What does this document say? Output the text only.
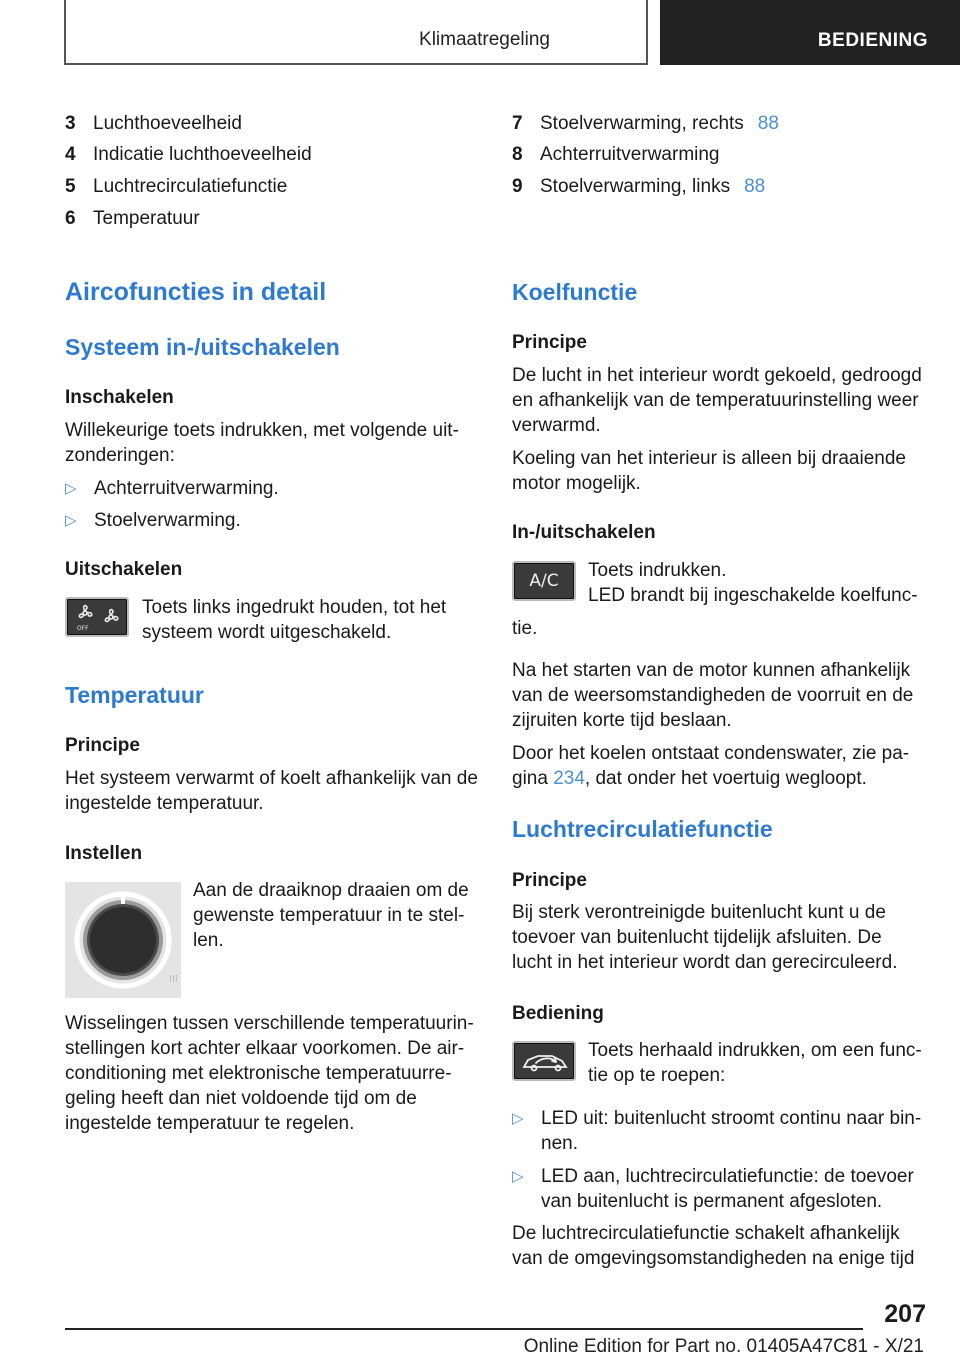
Klimaatregeling	BEDIENING
3 Luchthoeveelheid
4 Indicatie luchthoeveelheid
5 Luchtrecirculatiefunctie
6 Temperatuur
Aircofuncties in detail
Systeem in-/uitschakelen
Inschakelen
Willekeurige toets indrukken, met volgende uit-
zonderingen:
▷ Achterruitverwarming.
▷ Stoelverwarming.
Uitschakelen
OFF
Toets links ingedrukt houden, tot het
systeem wordt uitgeschakeld.
Temperatuur
Principe
Het systeem verwarmt of koelt afhankelijk van de
ingestelde temperatuur.
Instellen
III
Aan de draaiknop draaien om de
gewenste temperatuur in te stel-
len.
Wisselingen tussen verschillende temperatuurin-
stellingen kort achter elkaar voorkomen. De air-
conditioning met elektronische temperatuurre-
geling heeft dan niet voldoende tijd om de
ingestelde temperatuur te regelen.
7 Stoelverwarming, rechts 88
8 Achterruitverwarming
9 Stoelverwarming, links 88
Koelfunctie
Principe
De lucht in het interieur wordt gekoeld, gedroogd
en afhankelijk van de temperatuurinstelling weer
verwarmd.
Koeling van het interieur is alleen bij draaiende
motor mogelijk.
In-/uitschakelen
A/C Toets indrukken.
LED brandt bij ingeschakelde koelfunc-
tie.
Na het starten van de motor kunnen afhankelijk
van de weersomstandigheden de voorruit en de
zijruiten korte tijd beslaan.
Door het koelen ontstaat condenswater, zie pa-
gina 234, dat onder het voertuig wegloopt.
Luchtrecirculatiefunctie
Principe
Bij sterk verontreinigde buitenlucht kunt u de
toevoer van buitenlucht tijdelijk afsluiten. De
lucht in het interieur wordt dan gerecirculeerd.
Bediening
Toets herhaald indrukken, om een func-
tie op te roepen:
▷ LED uit: buitenlucht stroomt continu naar bin-
nen.
▷ LED aan, luchtrecirculatiefunctie: de toevoer
van buitenlucht is permanent afgesloten.
De luchtrecirculatiefunctie schakelt afhankelijk
van de omgevingsomstandigheden na enige tijd
207
Online Edition for Part no. 01405A47C81 - X/21
